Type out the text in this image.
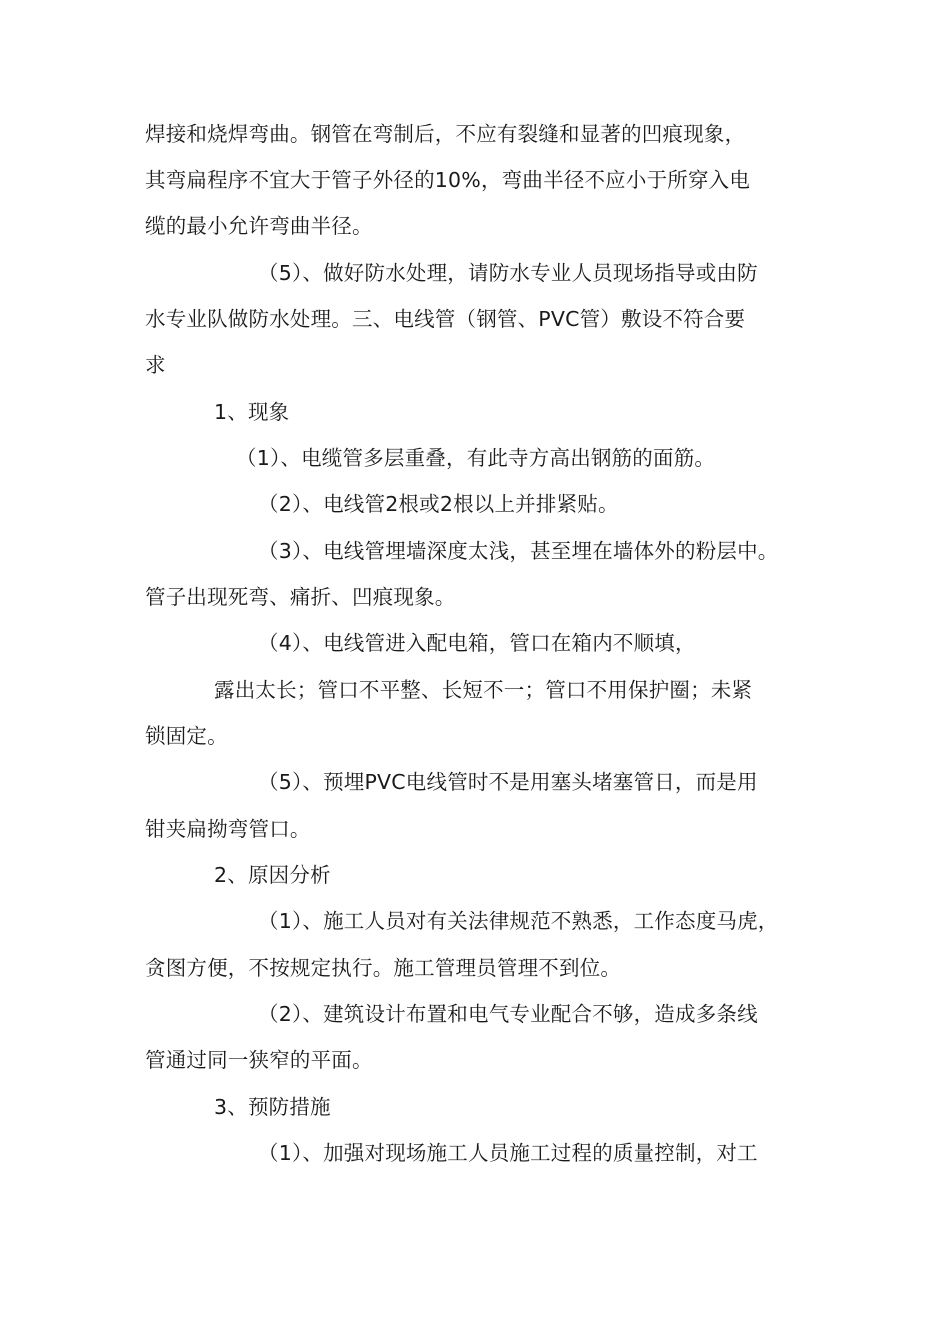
焊接和烧焊弯曲。钢管在弯制后，不应有裂缝和显著的凹痕现象，
其弯扁程序不宜大于管子外径的10%，弯曲半径不应小于所穿入电
缆的最小允许弯曲半径。
（5）、做好防水处理，请防水专业人员现场指导或由防
水专业队做防水处理。三、电线管（钢管、PVC管）敷设不符合要
求
1、现象
（1）、电缆管多层重叠，有此寺方高出钢筋的面筋。
（2）、电线管2根或2根以上并排紧贴。
（3）、电线管埋墙深度太浅，甚至埋在墙体外的粉层中。
管子出现死弯、痛折、凹痕现象。
（4）、电线管进入配电箱，管口在箱内不顺填，
露出太长；管口不平整、长短不一；管口不用保护圈；未紧
锁固定。
（5）、预埋PVC电线管时不是用塞头堵塞管日，而是用
钳夹扁拗弯管口。
2、原因分析
（1）、施工人员对有关法律规范不熟悉，工作态度马虎，
贪图方便，不按规定执行。施工管理员管理不到位。
（2）、建筑设计布置和电气专业配合不够，造成多条线
管通过同一狭窄的平面。
3、预防措施
（1）、加强对现场施工人员施工过程的质量控制，对工
